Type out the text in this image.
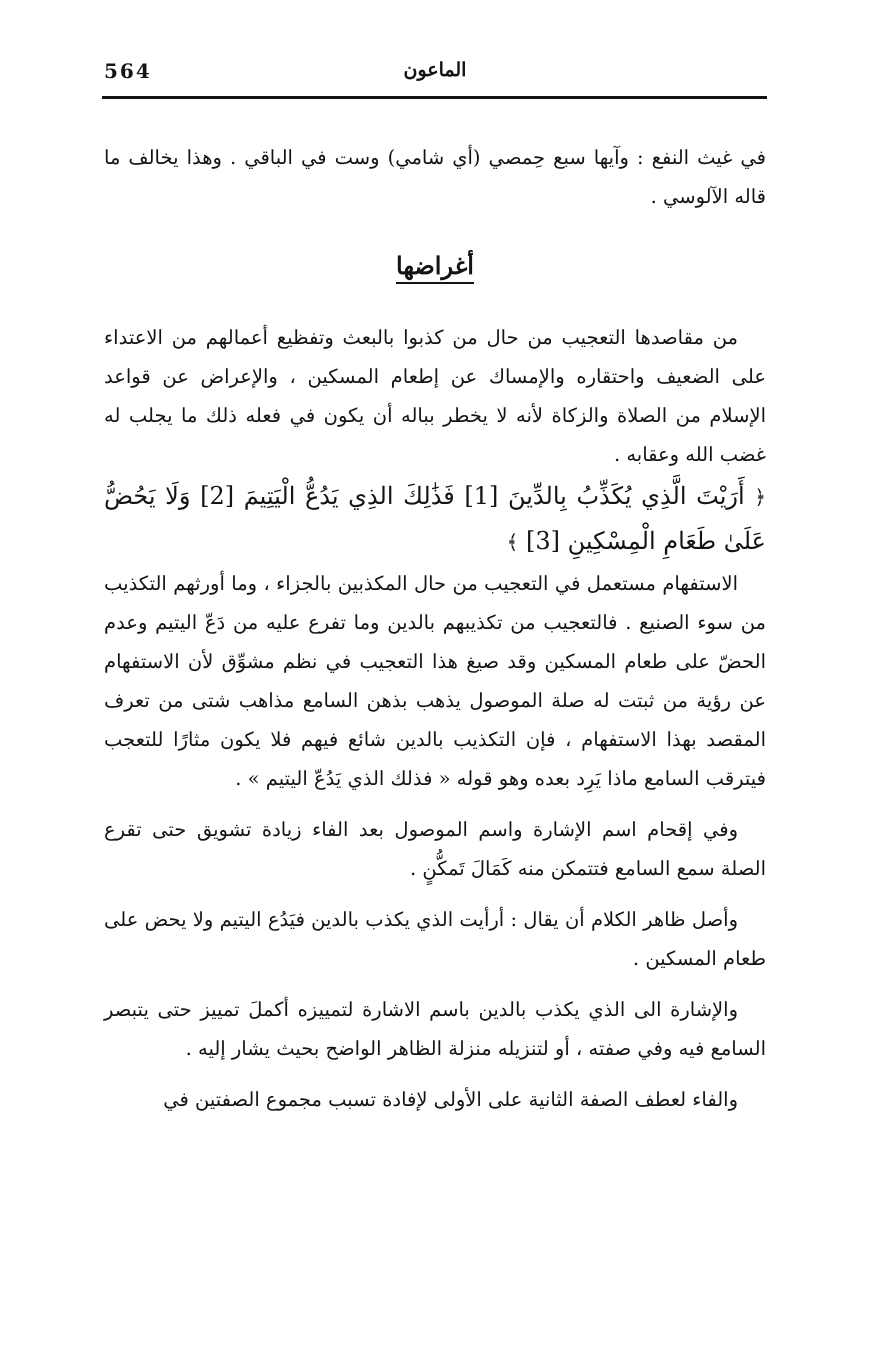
564	الماعون

في غيث النفع : وآيها سبع حِمصي (أي شامي) وست في الباقي . وهذا يخالف ما قاله الآلوسي .

أغراضها

من مقاصدها التعجيب من حال من كذبوا بالبعث وتفظيع أعمالهم من الاعتداء على الضعيف واحتقاره والإمساك عن إطعام المسكين ، والإعراض عن قواعد الإسلام من الصلاة والزكاة لأنه لا يخطر بباله أن يكون في فعله ذلك ما يجلب له غضب الله وعقابه .

﴿ أَرَيْتَ الَّذِي يُكَذِّبُ بِالدِّينَ [1] فَذَٰلِكَ الذِي يَدُعُّ الْيَتِيمَ [2] وَلَا يَحُضُّ عَلَىٰ طَعَامِ الْمِسْكِينِ [3] ﴾

الاستفهام مستعمل في التعجيب من حال المكذبين بالجزاء ، وما أورثهم التكذيب من سوء الصنيع . فالتعجيب من تكذيبهم بالدين وما تفرع عليه من دَعّ اليتيم وعدم الحضّ على طعام المسكين وقد صيغ هذا التعجيب في نظم مشوِّق لأن الاستفهام عن رؤية من ثبتت له صلة الموصول يذهب بذهن السامع مذاهب شتى من تعرف المقصد بهذا الاستفهام ، فإن التكذيب بالدين شائع فيهم فلا يكون مثارًا للتعجب فيترقب السامع ماذا يَرِد بعده وهو قوله « فذلك الذي يَدُعّ اليتيم » .

وفي إقحام اسم الإشارة واسم الموصول بعد الفاء زيادة تشويق حتى تقرع الصلة سمع السامع فتتمكن منه كَمَالَ تَمكُّنٍ .

وأصل ظاهر الكلام أن يقال : أرأيت الذي يكذب بالدين فيَدُع اليتيم ولا يحض على طعام المسكين .

والإشارة الى الذي يكذب بالدين باسم الاشارة لتمييزه أكملَ تمييز حتى يتبصر السامع فيه وفي صفته ، أو لتنزيله منزلة الظاهر الواضح بحيث يشار إليه .

والفاء لعطف الصفة الثانية على الأولى لإفادة تسبب مجموع الصفتين في
